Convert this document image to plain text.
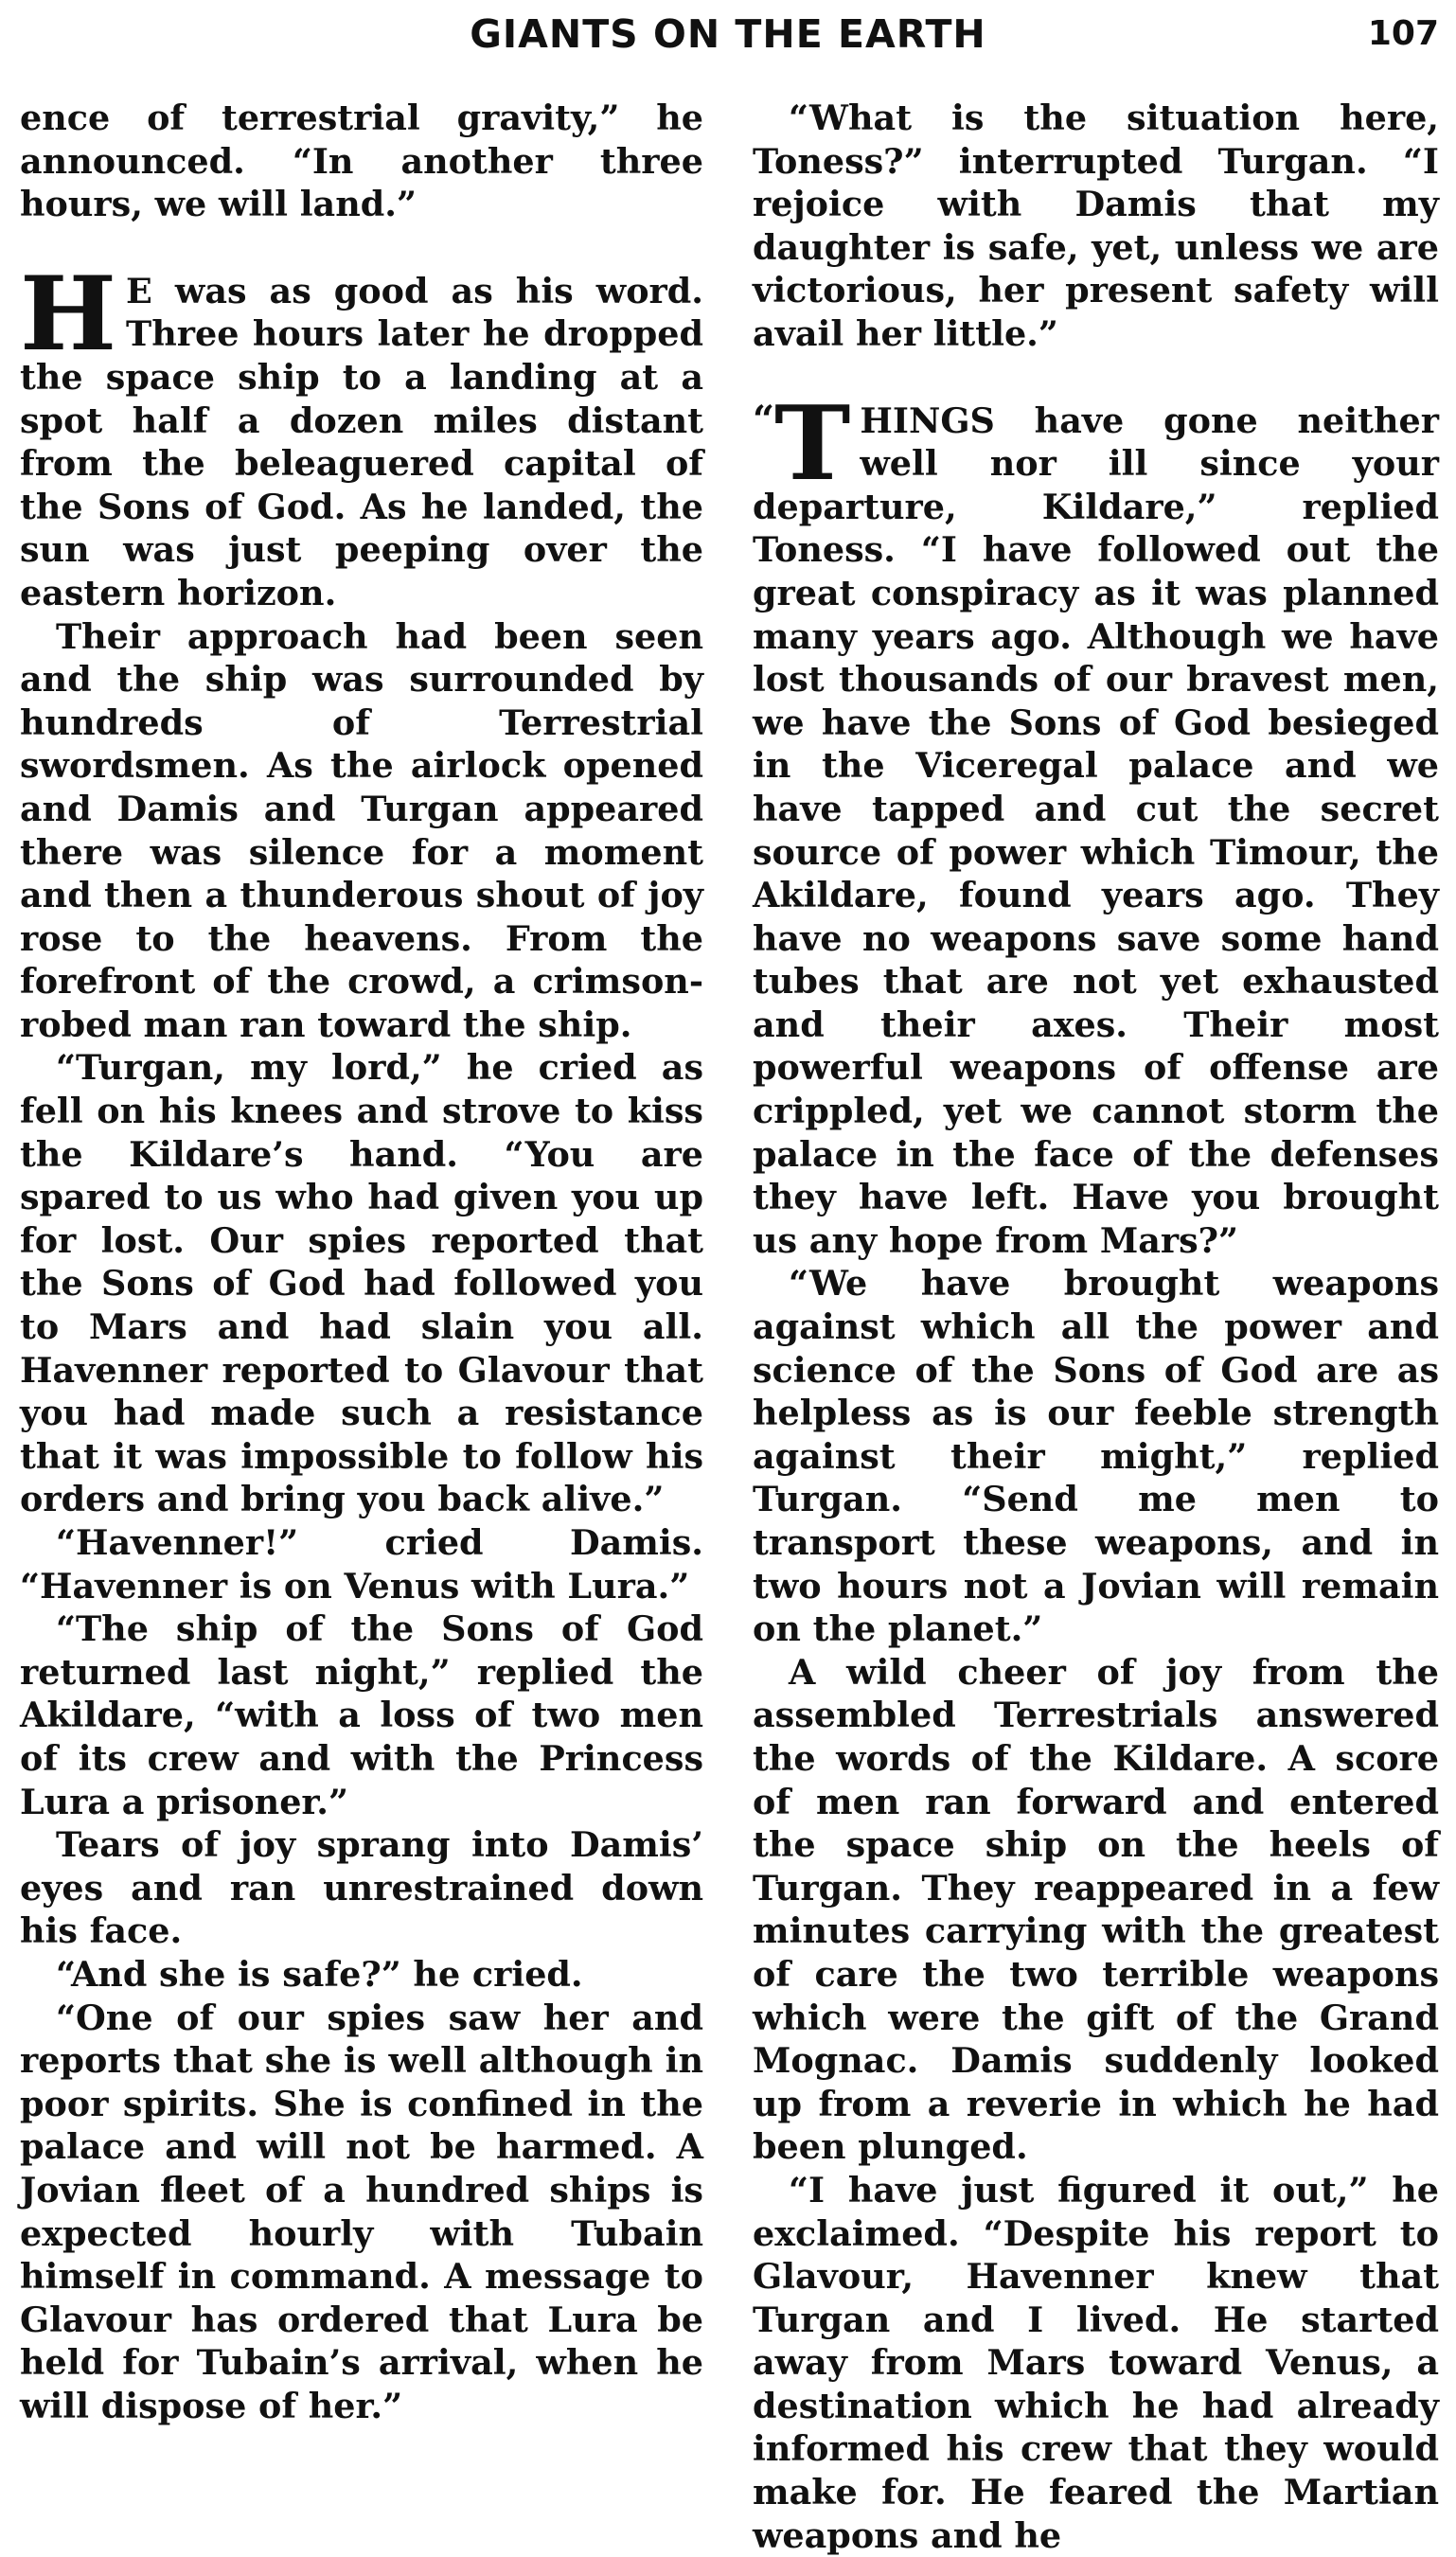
GIANTS ON THE EARTH	107

ence of terrestrial gravity,” he announced. “In another three hours, we will land.”

H E was as good as his word. Three hours later he dropped the space ship to a landing at a spot half a dozen miles distant from the beleaguered capital of the Sons of God. As he landed, the sun was just peeping over the eastern horizon.

Their approach had been seen and the ship was surrounded by hundreds of Terrestrial swordsmen. As the airlock opened and Damis and Turgan appeared there was silence for a moment and then a thunderous shout of joy rose to the heavens. From the forefront of the crowd, a crimson-robed man ran toward the ship.

“Turgan, my lord,” he cried as fell on his knees and strove to kiss the Kildare’s hand. “You are spared to us who had given you up for lost. Our spies reported that the Sons of God had followed you to Mars and had slain you all. Havenner reported to Glavour that you had made such a resistance that it was impossible to follow his orders and bring you back alive.”

“Havenner!” cried Damis. “Havenner is on Venus with Lura.”

“The ship of the Sons of God returned last night,” replied the Akildare, “with a loss of two men of its crew and with the Princess Lura a prisoner.”

Tears of joy sprang into Damis’ eyes and ran unrestrained down his face.

“And she is safe?” he cried.

“One of our spies saw her and reports that she is well although in poor spirits. She is confined in the palace and will not be harmed. A Jovian fleet of a hundred ships is expected hourly with Tubain himself in command. A message to Glavour has ordered that Lura be held for Tubain’s arrival, when he will dispose of her.”

“What is the situation here, Toness?” interrupted Turgan. “I rejoice with Damis that my daughter is safe, yet, unless we are victorious, her present safety will avail her little.”

“ T HINGS have gone neither well nor ill since your departure, Kildare,” replied Toness. “I have followed out the great conspiracy as it was planned many years ago. Although we have lost thousands of our bravest men, we have the Sons of God besieged in the Viceregal palace and we have tapped and cut the secret source of power which Timour, the Akildare, found years ago. They have no weapons save some hand tubes that are not yet exhausted and their axes. Their most powerful weapons of offense are crippled, yet we cannot storm the palace in the face of the defenses they have left. Have you brought us any hope from Mars?”

“We have brought weapons against which all the power and science of the Sons of God are as helpless as is our feeble strength against their might,” replied Turgan. “Send me men to transport these weapons, and in two hours not a Jovian will remain on the planet.”

A wild cheer of joy from the assembled Terrestrials answered the words of the Kildare. A score of men ran forward and entered the space ship on the heels of Turgan. They reappeared in a few minutes carrying with the greatest of care the two terrible weapons which were the gift of the Grand Mognac. Damis suddenly looked up from a reverie in which he had been plunged.

“I have just figured it out,” he exclaimed. “Despite his report to Glavour, Havenner knew that Turgan and I lived. He started away from Mars toward Venus, a destination which he had already informed his crew that they would make for. He feared the Martian weapons and he
